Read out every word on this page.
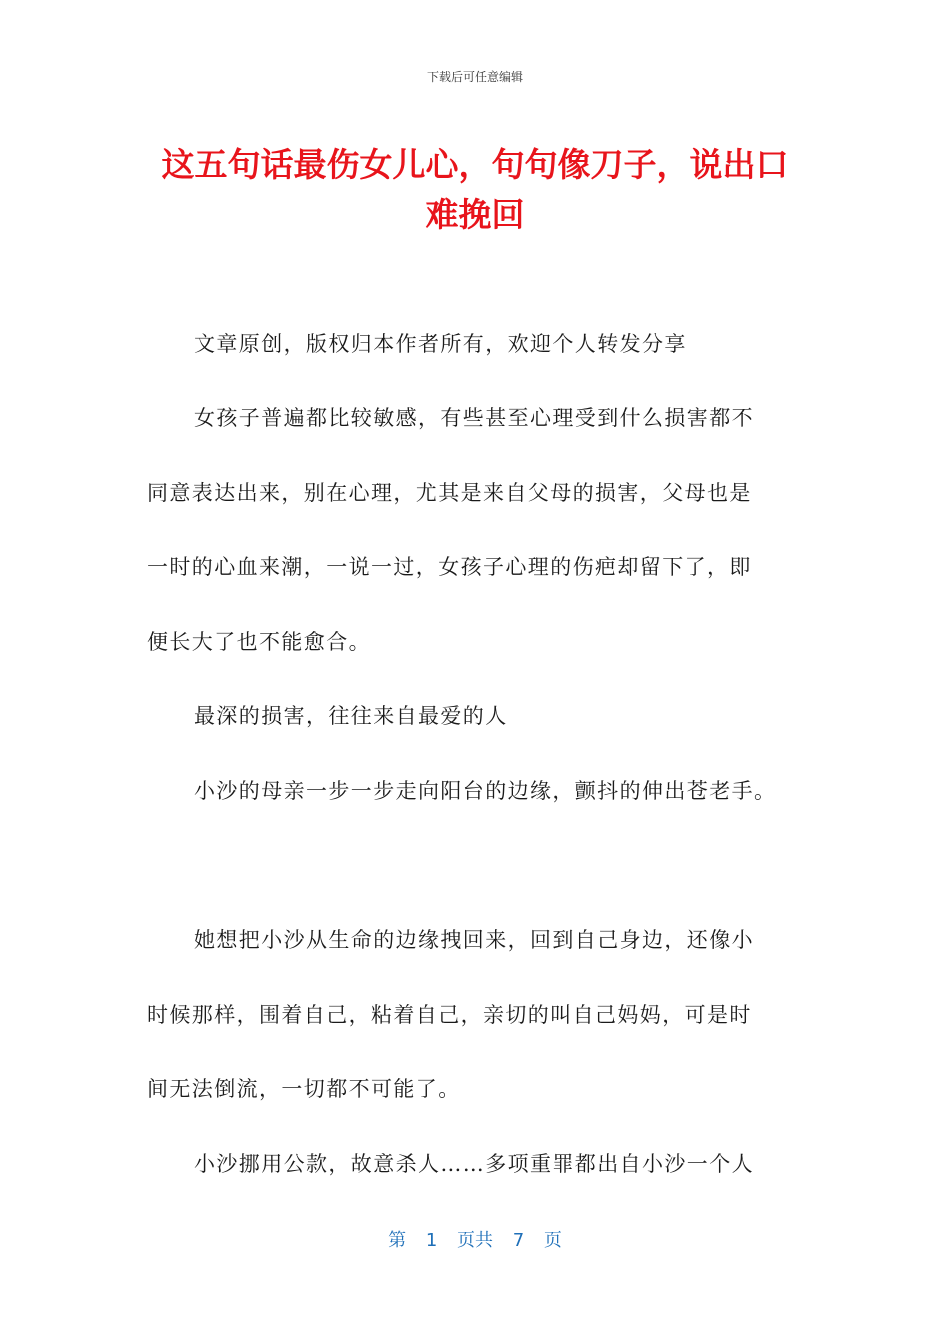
下载后可任意编辑
这五句话最伤女儿心，句句像刀子，说出口
难挽回
文章原创，版权归本作者所有，欢迎个人转发分享
女孩子普遍都比较敏感，有些甚至心理受到什么损害都不
同意表达出来，别在心理，尤其是来自父母的损害，父母也是
一时的心血来潮，一说一过，女孩子心理的伤疤却留下了，即
便长大了也不能愈合。
最深的损害，往往来自最爱的人
小沙的母亲一步一步走向阳台的边缘，颤抖的伸出苍老手。
她想把小沙从生命的边缘拽回来，回到自己身边，还像小
时候那样，围着自己，粘着自己，亲切的叫自己妈妈，可是时
间无法倒流，一切都不可能了。
小沙挪用公款，故意杀人……多项重罪都出自小沙一个人
第 1 页共 7 页
